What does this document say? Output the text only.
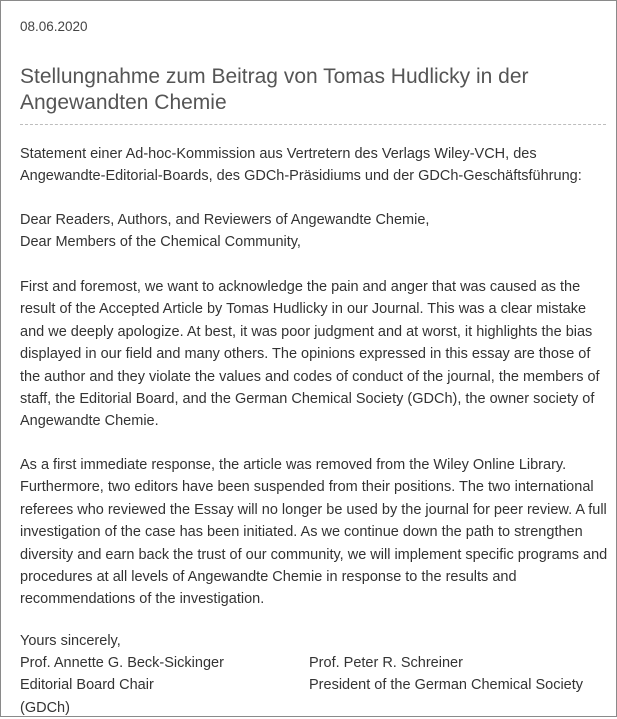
08.06.2020
Stellungnahme zum Beitrag von Tomas Hudlicky in der Angewandten Chemie

Statement einer Ad-hoc-Kommission aus Vertretern des Verlags Wiley-VCH, des Angewandte-Editorial-Boards, des GDCh-Präsidiums und der GDCh-Geschäftsführung:

Dear Readers, Authors, and Reviewers of Angewandte Chemie,
Dear Members of the Chemical Community,

First and foremost, we want to acknowledge the pain and anger that was caused as the result of the Accepted Article by Tomas Hudlicky in our Journal. This was a clear mistake and we deeply apologize. At best, it was poor judgment and at worst, it highlights the bias displayed in our field and many others. The opinions expressed in this essay are those of the author and they violate the values and codes of conduct of the journal, the members of staff, the Editorial Board, and the German Chemical Society (GDCh), the owner society of Angewandte Chemie.

As a first immediate response, the article was removed from the Wiley Online Library. Furthermore, two editors have been suspended from their positions. The two international referees who reviewed the Essay will no longer be used by the journal for peer review. A full investigation of the case has been initiated. As we continue down the path to strengthen diversity and earn back the trust of our community, we will implement specific programs and procedures at all levels of Angewandte Chemie in response to the results and recommendations of the investigation.

Yours sincerely,
Prof. Annette G. Beck-Sickinger
Editorial Board Chair
(GDCh)
Prof. Peter R. Schreiner
President of the German Chemical Society
